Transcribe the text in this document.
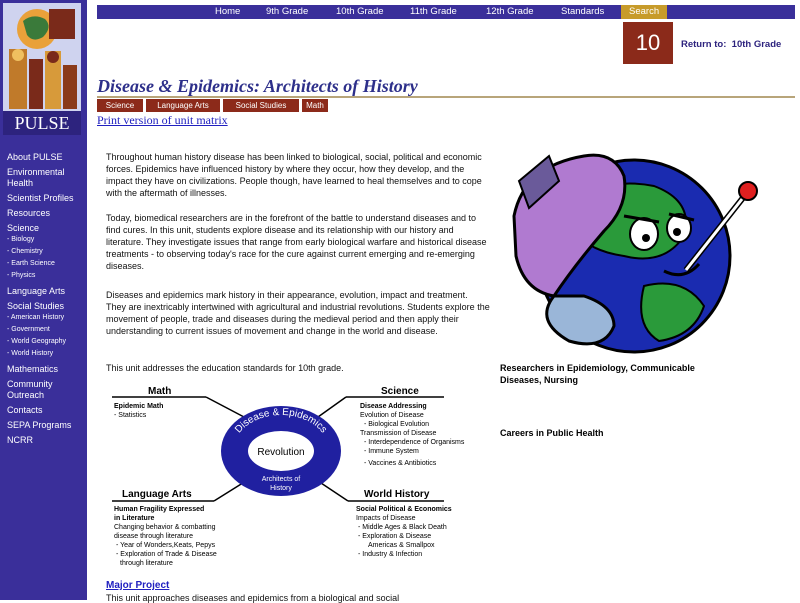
PULSE
About PULSE
Environmental Health
Scientist Profiles
Resources
Science
- Biology
- Chemistry
- Earth Science
- Physics
Language Arts
Social Studies
- American History
- Government
- World Geography
- World History
Mathematics
Community Outreach
Contacts
SEPA Programs
NCRR
Home	9th Grade	10th Grade	11th Grade	12th Grade	Standards	Search
10	Return to: 10th Grade
Disease & Epidemics: Architects of History
Science	Language Arts	Social Studies	Math
Print version of unit matrix
Throughout human history disease has been linked to biological, social, political and economic forces. Epidemics have influenced history by where they occur, how they develop, and the impact they have on civilizations. People though, have learned to heal themselves and to cope with the aftermath of illnesses.
Today, biomedical researchers are in the forefront of the battle to understand diseases and to find cures. In this unit, students explore disease and its relationship with our history and literature. They investigate issues that range from early biological warfare and historical disease treatments - to observing today's race for the cure against current emerging and re-emerging diseases.
Diseases and epidemics mark history in their appearance, evolution, impact and treatment. They are inextricably intertwined with agricultural and industrial revolutions. Students explore the movement of people, trade and diseases during the medieval period and then apply their understanding to current issues of movement and change in the world and disease.
This unit addresses the education standards for 10th grade.	Researchers in Epidemiology, Communicable Diseases, Nursing
Careers in Public Health
Disease & Epidemics
Revolution
Architects of
History
Math
Epidemic Math
- Statistics
Science
Disease Addressing
Evolution of Disease
- Biological Evolution
Transmission of Disease
- Interdependence of Organisms
- Immune System
- Vaccines & Antibiotics
Language Arts
Human Fragility Expressed
in Literature
Changing behavior & combatting
disease through literature
- Year of Wonders,Keats, Pepys
- Exploration of Trade & Disease
through literature
World History
Social Political & Economics
Impacts of Disease
- Middle Ages & Black Death
- Exploration & Disease
Americas & Smallpox
- Industry & Infection
Major Project
This unit approaches diseases and epidemics from a biological and social
